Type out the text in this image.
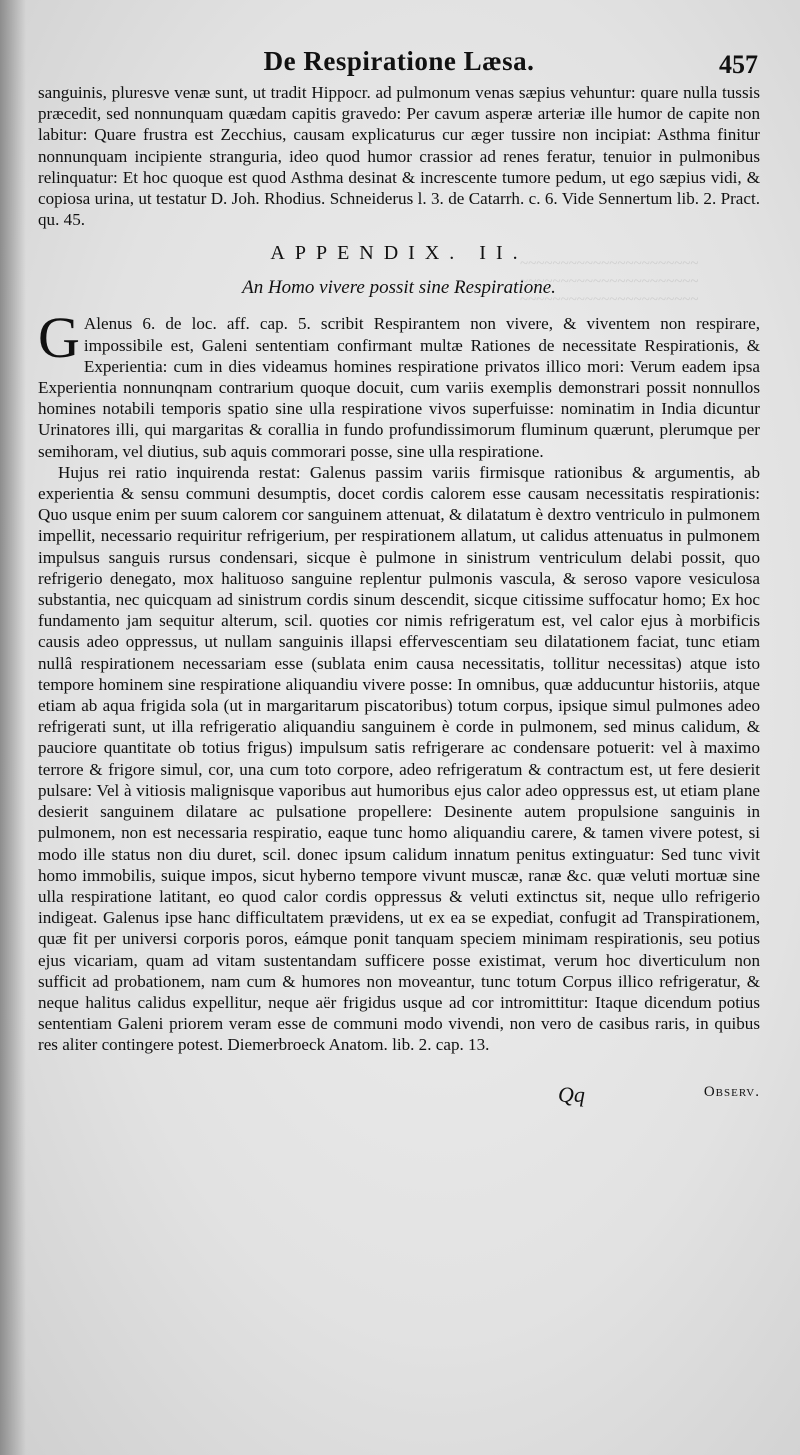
~~~~~~~~~~~~~~~~~~~~~~
~~~~~~~~~~~~~~~~~~~~~~
~~~~~~~~~~~~~~~~~~~~~~
De Respiratione Læsa.	457

sanguinis, pluresve venæ sunt, ut tradit Hippocr. ad pulmonum venas sæpius vehuntur: quare nulla tussis præcedit, sed nonnunquam quædam capitis gravedo: Per cavum asperæ arteriæ ille humor de capite non labitur: Quare frustra est Zecchius, causam explicaturus cur æger tussire non incipiat: Asthma finitur nonnunquam incipiente stranguria, ideo quod humor crassior ad renes feratur, tenuior in pulmonibus relinquatur: Et hoc quoque est quod Asthma desinat & increscente tumore pedum, ut ego sæpius vidi, & copiosa urina, ut testatur D. Joh. Rhodius. Schneiderus l. 3. de Catarrh. c. 6. Vide Sennertum lib. 2. Pract. qu. 45.

APPENDIX. II.
An Homo vivere possit sine Respiratione.

G Alenus 6. de loc. aff. cap. 5. scribit Respirantem non vivere, & viventem non respirare, impossibile est, Galeni sententiam confirmant multæ Rationes de necessitate Respirationis, & Experientia: cum in dies videamus homines respiratione privatos illico mori: Verum eadem ipsa Experientia nonnunqnam contrarium quoque docuit, cum variis exemplis demonstrari possit nonnullos homines notabili temporis spatio sine ulla respiratione vivos superfuisse: nominatim in India dicuntur Urinatores illi, qui margaritas & corallia in fundo profundissimorum fluminum quærunt, plerumque per semihoram, vel diutius, sub aquis commorari posse, sine ulla respiratione.

Hujus rei ratio inquirenda restat: Galenus passim variis firmisque rationibus & argumentis, ab experientia & sensu communi desumptis, docet cordis calorem esse causam necessitatis respirationis: Quo usque enim per suum calorem cor sanguinem attenuat, & dilatatum è dextro ventriculo in pulmonem impellit, necessario requiritur refrigerium, per respirationem allatum, ut calidus attenuatus in pulmonem impulsus sanguis rursus condensari, sicque è pulmone in sinistrum ventriculum delabi possit, quo refrigerio denegato, mox halituoso sanguine replentur pulmonis vascula, & seroso vapore vesiculosa substantia, nec quicquam ad sinistrum cordis sinum descendit, sicque citissime suffocatur homo; Ex hoc fundamento jam sequitur alterum, scil. quoties cor nimis refrigeratum est, vel calor ejus à morbificis causis adeo oppressus, ut nullam sanguinis illapsi effervescentiam seu dilatationem faciat, tunc etiam nullâ respirationem necessariam esse (sublata enim causa necessitatis, tollitur necessitas) atque isto tempore hominem sine respiratione aliquandiu vivere posse: In omnibus, quæ adducuntur historiis, atque etiam ab aqua frigida sola (ut in margaritarum piscatoribus) totum corpus, ipsique simul pulmones adeo refrigerati sunt, ut illa refrigeratio aliquandiu sanguinem è corde in pulmonem, sed minus calidum, & pauciore quantitate ob totius frigus) impulsum satis refrigerare ac condensare potuerit: vel à maximo terrore & frigore simul, cor, una cum toto corpore, adeo refrigeratum & contractum est, ut fere desierit pulsare: Vel à vitiosis malignisque vaporibus aut humoribus ejus calor adeo oppressus est, ut etiam plane desierit sanguinem dilatare ac pulsatione propellere: Desinente autem propulsione sanguinis in pulmonem, non est necessaria respiratio, eaque tunc homo aliquandiu carere, & tamen vivere potest, si modo ille status non diu duret, scil. donec ipsum calidum innatum penitus extinguatur: Sed tunc vivit homo immobilis, suique impos, sicut hyberno tempore vivunt muscæ, ranæ &c. quæ veluti mortuæ sine ulla respiratione latitant, eo quod calor cordis oppressus & veluti extinctus sit, neque ullo refrigerio indigeat. Galenus ipse hanc difficultatem prævidens, ut ex ea se expediat, confugit ad Transpirationem, quæ fit per universi corporis poros, eámque ponit tanquam speciem minimam respirationis, seu potius ejus vicariam, quam ad vitam sustentandam sufficere posse existimat, verum hoc diverticulum non sufficit ad probationem, nam cum & humores non moveantur, tunc totum Corpus illico refrigeratur, & neque halitus calidus expellitur, neque aër frigidus usque ad cor intromittitur: Itaque dicendum potius sententiam Galeni priorem veram esse de communi modo vivendi, non vero de casibus raris, in quibus res aliter contingere potest. Diemerbroeck Anatom. lib. 2. cap. 13.

Qq	Observ.
